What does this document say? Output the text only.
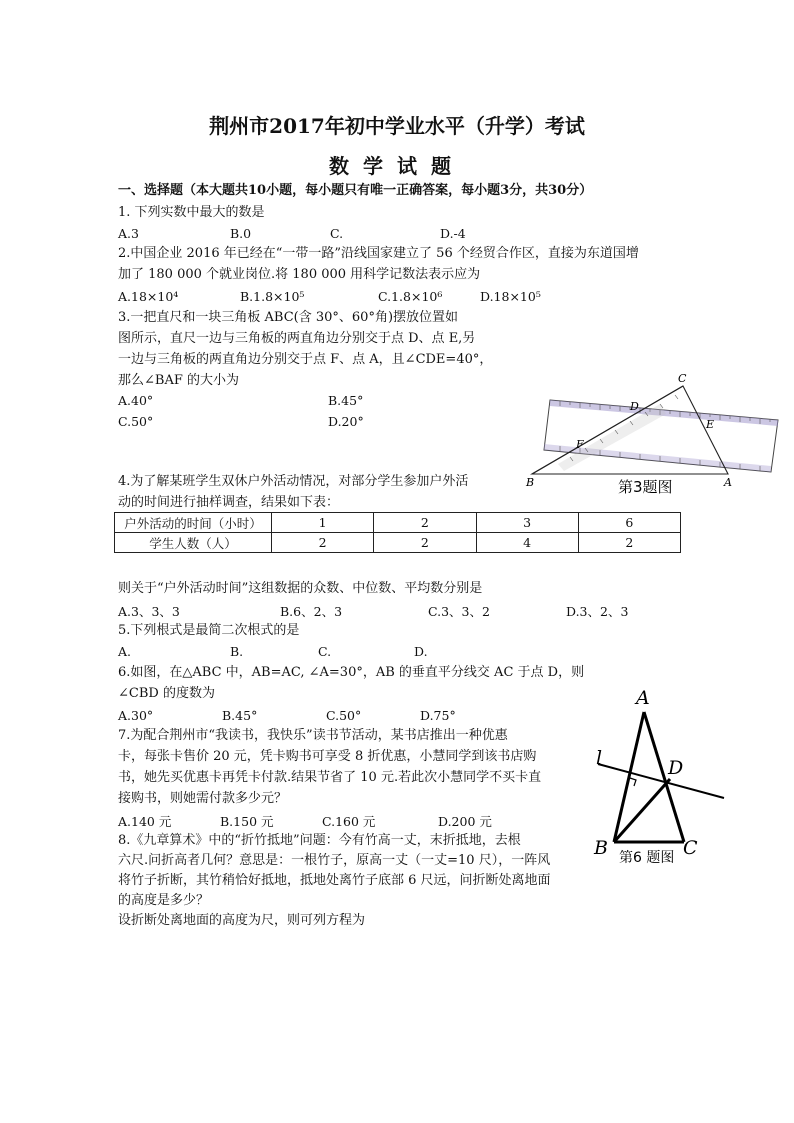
荆州市2017年初中学业水平（升学）考试
数学试题
一、选择题（本大题共10小题，每小题只有唯一正确答案，每小题3分，共30分）
1. 下列实数中最大的数是
A.3	B.0	C.	D.-4
2.中国企业 2016 年已经在“一带一路”沿线国家建立了 56 个经贸合作区，直接为东道国增
加了 180 000 个就业岗位.将 180 000 用科学记数法表示应为
A.18×10⁴	B.1.8×10⁵	C.1.8×10⁶	D.18×10⁵
3.一把直尺和一块三角板 ABC(含 30°、60°角)摆放位置如
图所示，直尺一边与三角板的两直角边分别交于点 D、点 E,另
一边与三角板的两直角边分别交于点 F、点 A，且∠CDE=40°，
那么∠BAF 的大小为
A.40°	B.45°
C.50°	D.20°
C
D
E
F
B	A
第3题图
4.为了解某班学生双休户外活动情况，对部分学生参加户外活
动的时间进行抽样调查，结果如下表：
户外活动的时间（小时）	1	2	3	6
学生人数（人）	2	2	4	2
则关于“户外活动时间”这组数据的众数、中位数、平均数分别是
A.3、3、3	B.6、2、3	C.3、3、2	D.3、2、3
5.下列根式是最简二次根式的是
A.	B.	C.	D.
6.如图，在△ABC 中，AB=AC, ∠A=30°，AB 的垂直平分线交 AC 于点 D，则
∠CBD 的度数为
A.30°	B.45°	C.50°	D.75°
A
l	D
B	C
第6 题图
7.为配合荆州市“我读书，我快乐”读书节活动，某书店推出一种优惠
卡，每张卡售价 20 元，凭卡购书可享受 8 折优惠，小慧同学到该书店购
书，她先买优惠卡再凭卡付款.结果节省了 10 元.若此次小慧同学不买卡直
接购书，则她需付款多少元？
A.140 元	B.150 元	C.160 元	D.200 元
8.《九章算术》中的“折竹抵地”问题：今有竹高一丈，末折抵地，去根
六尺.问折高者几何？意思是：一根竹子，原高一丈（一丈=10 尺），一阵风
将竹子折断，其竹稍恰好抵地，抵地处离竹子底部 6 尺远，问折断处离地面
的高度是多少？
设折断处离地面的高度为尺，则可列方程为
